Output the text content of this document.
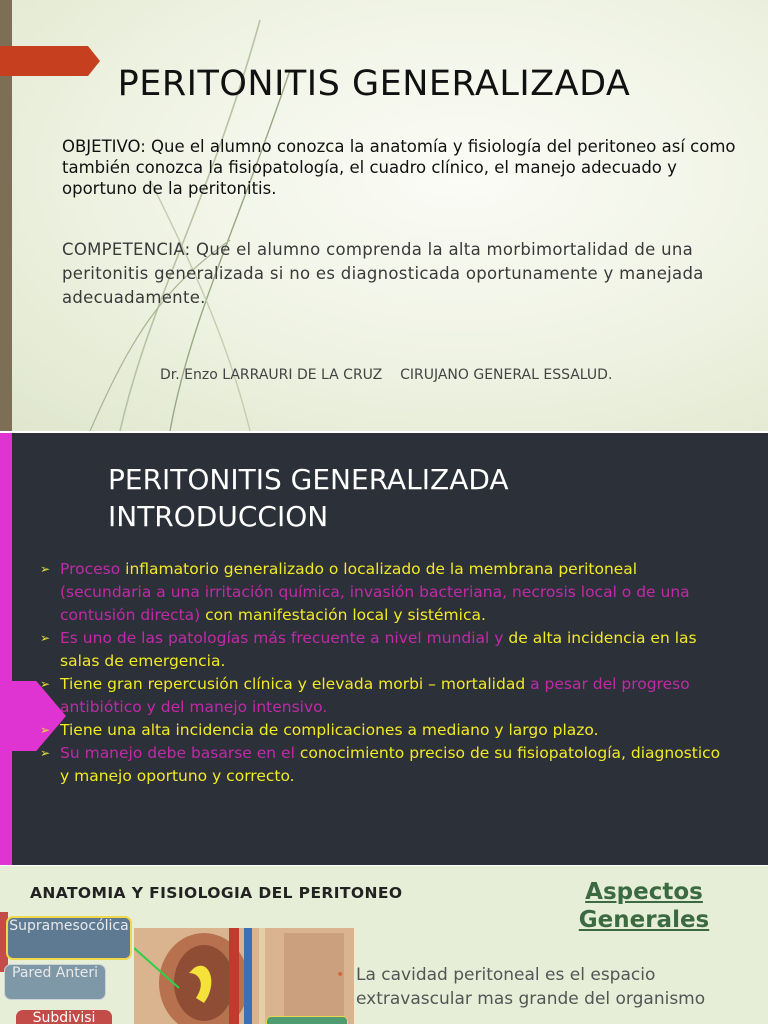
PERITONITIS GENERALIZADA
OBJETIVO: Que el alumno conozca la anatomía y fisiología del peritoneo así como también conozca la fisiopatología, el cuadro clínico, el manejo adecuado y oportuno de la peritonitis.
COMPETENCIA: Que el alumno comprenda la alta morbimortalidad de una peritonitis generalizada si no es diagnosticada oportunamente y manejada adecuadamente.
Dr. Enzo LARRAURI DE LA CRUZ    CIRUJANO GENERAL ESSALUD.
PERITONITIS GENERALIZADA
INTRODUCCION
➢ Proceso inflamatorio generalizado o localizado de la membrana peritoneal (secundaria a una irritación química, invasión bacteriana, necrosis local o de una contusión directa) con manifestación local y sistémica.
➢ Es uno de las patologías más frecuente a nivel mundial y de alta incidencia en las salas de emergencia.
➢ Tiene gran repercusión clínica y elevada morbi – mortalidad a pesar del progreso antibiótico y del manejo intensivo.
➢ Tiene una alta incidencia de complicaciones a mediano y largo plazo.
➢ Su manejo debe basarse en el conocimiento preciso de su fisiopatología, diagnostico y manejo oportuno y correcto.
ANATOMIA Y FISIOLOGIA DEL PERITONEO	Aspectos Generales
Supramesocólica
Pared Anteri
Subdivisi
• La cavidad peritoneal es el espacio extravascular mas grande del organismo
